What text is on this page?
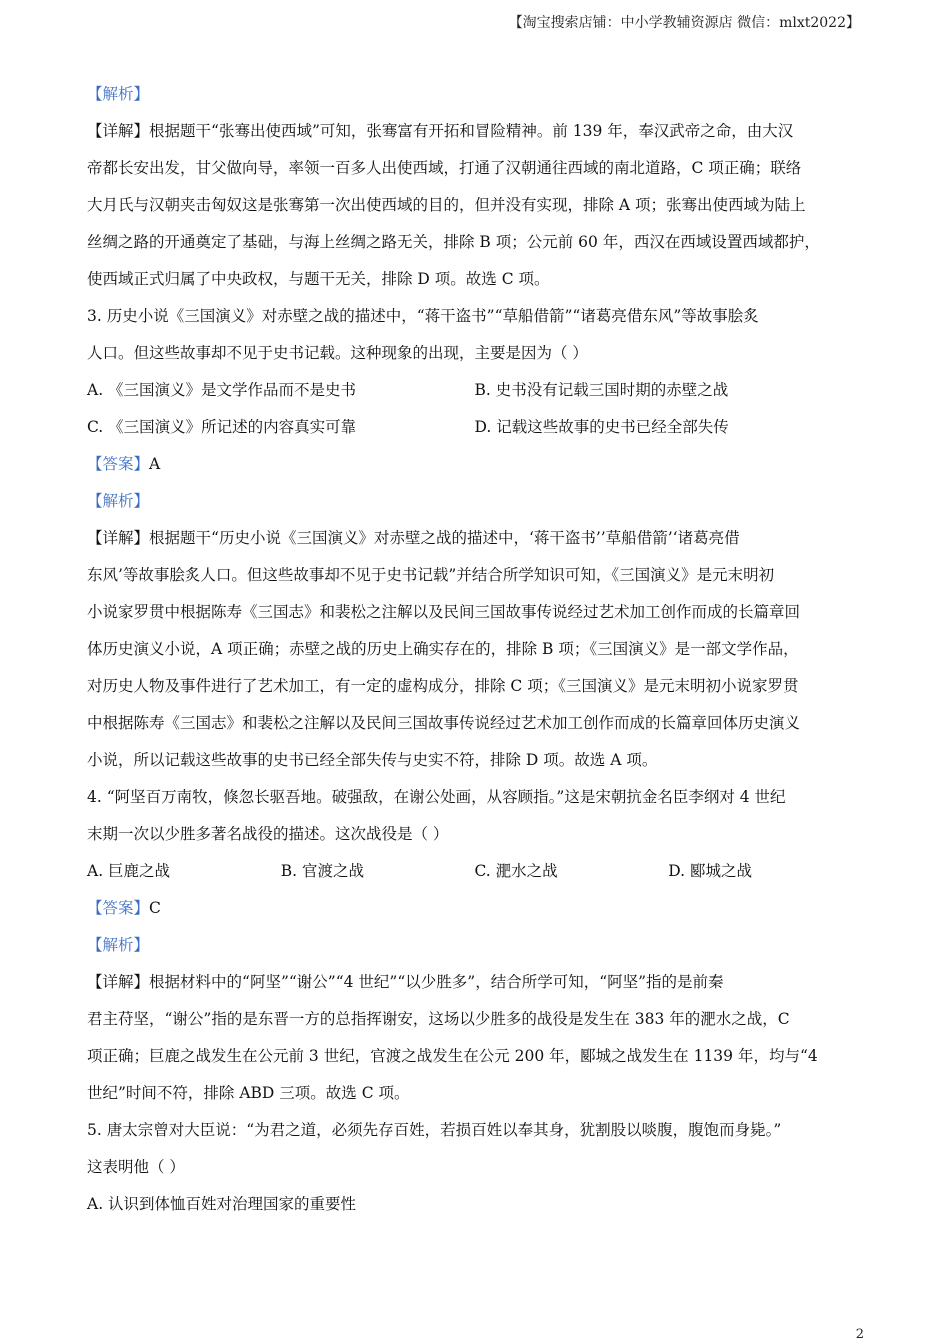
【淘宝搜索店铺：中小学教辅资源店 微信：mlxt2022】
【解析】
【详解】根据题干“张骞出使西域”可知，张骞富有开拓和冒险精神。前 139 年，奉汉武帝之命，由大汉
帝都长安出发，甘父做向导，率领一百多人出使西域，打通了汉朝通往西域的南北道路，C 项正确；联络
大月氏与汉朝夹击匈奴这是张骞第一次出使西域的目的，但并没有实现，排除 A 项；张骞出使西域为陆上
丝绸之路的开通奠定了基础，与海上丝绸之路无关，排除 B 项；公元前 60 年，西汉在西域设置西域都护，
使西域正式归属了中央政权，与题干无关，排除 D 项。故选 C 项。
3. 历史小说《三国演义》对赤壁之战的描述中，“蒋干盗书”“草船借箭”“诸葛亮借东风”等故事脍炙
人口。但这些故事却不见于史书记载。这种现象的出现，主要是因为（ ）
A. 《三国演义》是文学作品而不是史书	B. 史书没有记载三国时期的赤壁之战
C. 《三国演义》所记述的内容真实可靠	D. 记载这些故事的史书已经全部失传
【答案】A
【解析】
【详解】根据题干“历史小说《三国演义》对赤壁之战的描述中，‘蒋干盗书’’草船借箭’‘诸葛亮借
东风’等故事脍炙人口。但这些故事却不见于史书记载”并结合所学知识可知，《三国演义》是元末明初
小说家罗贯中根据陈寿《三国志》和裴松之注解以及民间三国故事传说经过艺术加工创作而成的长篇章回
体历史演义小说，A 项正确；赤壁之战的历史上确实存在的，排除 B 项；《三国演义》是一部文学作品，
对历史人物及事件进行了艺术加工，有一定的虚构成分，排除 C 项；《三国演义》是元末明初小说家罗贯
中根据陈寿《三国志》和裴松之注解以及民间三国故事传说经过艺术加工创作而成的长篇章回体历史演义
小说，所以记载这些故事的史书已经全部失传与史实不符，排除 D 项。故选 A 项。
4. “阿坚百万南牧，倏忽长驱吾地。破强敌，在谢公处画，从容顾指。”这是宋朝抗金名臣李纲对 4 世纪
末期一次以少胜多著名战役的描述。这次战役是（ ）
A. 巨鹿之战	B. 官渡之战	C. 淝水之战	D. 郾城之战
【答案】C
【解析】
【详解】根据材料中的“阿坚”“谢公”“4 世纪”“以少胜多”，结合所学可知，“阿坚”指的是前秦
君主苻坚，“谢公”指的是东晋一方的总指挥谢安，这场以少胜多的战役是发生在 383 年的淝水之战，C
项正确；巨鹿之战发生在公元前 3 世纪，官渡之战发生在公元 200 年，郾城之战发生在 1139 年，均与“4
世纪”时间不符，排除 ABD 三项。故选 C 项。
5. 唐太宗曾对大臣说：“为君之道，必须先存百姓，若损百姓以奉其身，犹割股以啖腹，腹饱而身毙。”
这表明他（ ）
A. 认识到体恤百姓对治理国家的重要性
2
